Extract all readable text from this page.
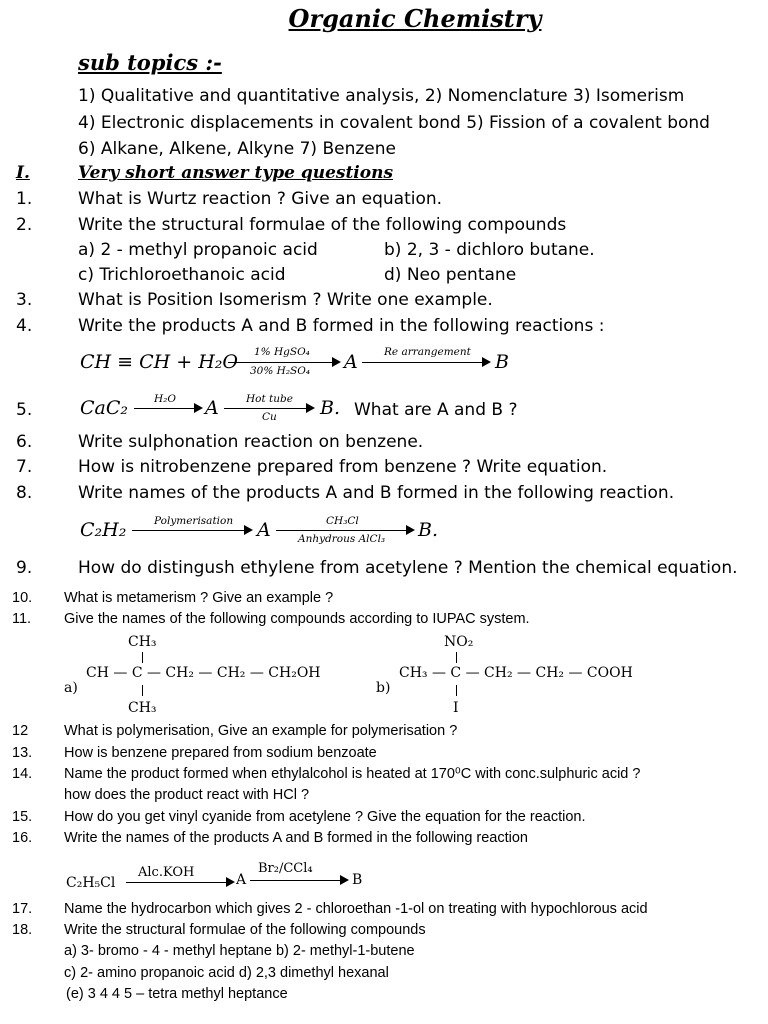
Organic Chemistry
sub topics :-
1) Qualitative and quantitative analysis, 2) Nomenclature 3) Isomerism
4) Electronic displacements in covalent bond 5) Fission of a covalent bond
6) Alkane, Alkene, Alkyne 7) Benzene
I.	Very short answer type questions
1.	What is Wurtz reaction ? Give an equation.
2.	Write the structural formulae of the following compounds
a) 2 - methyl propanoic acid	b) 2, 3 - dichloro butane.
c) Trichloroethanoic acid	d) Neo pentane
3.	What is Position Isomerism ? Write one example.
4.	Write the products A and B formed in the following reactions :
CH ≡ CH + H₂O 1% HgSO₄
30% H₂SO₄ A	Re arrangement B
5.	CaC₂ H₂O A	Hot tube
Cu B. What are A and B ?
6.	Write sulphonation reaction on benzene.
7.	How is nitrobenzene prepared from benzene ? Write equation.
8.	Write names of the products A and B formed in the following reaction.
C₂H₂	Polymerisation A	CH₃Cl
Anhydrous AlCl₃ B.
9.	How do distingush ethylene from acetylene ? Mention the chemical equation.
10. What is metamerism ? Give an example ?
11. Give the names of the following compounds according to IUPAC system.
a)
CH₃
CH — C — CH₂ — CH₂ — CH₂OH
CH₃
b)
NO₂
CH₃ — C — CH₂ — CH₂ — COOH
I
12 What is polymerisation, Give an example for polymerisation ?
13. How is benzene prepared from sodium benzoate
14. Name the product formed when ethylalcohol is heated at 170⁰C with conc.sulphuric acid ?
how does the product react with HCl ?
15. How do you get vinyl cyanide from acetylene ? Give the equation for the reaction.
16. Write the names of the products A and B formed in the following reaction
C₂H₅Cl
Alc.KOH	A
Br₂/CCl₄
B
17. Name the hydrocarbon which gives 2 - chloroethan -1-ol on treating with hypochlorous acid
18. Write the structural formulae of the following compounds
a) 3- bromo - 4 - methyl heptane b) 2- methyl-1-butene
c) 2- amino propanoic acid d) 2,3 dimethyl hexanal
(e) 3 4 4 5 – tetra methyl heptance
